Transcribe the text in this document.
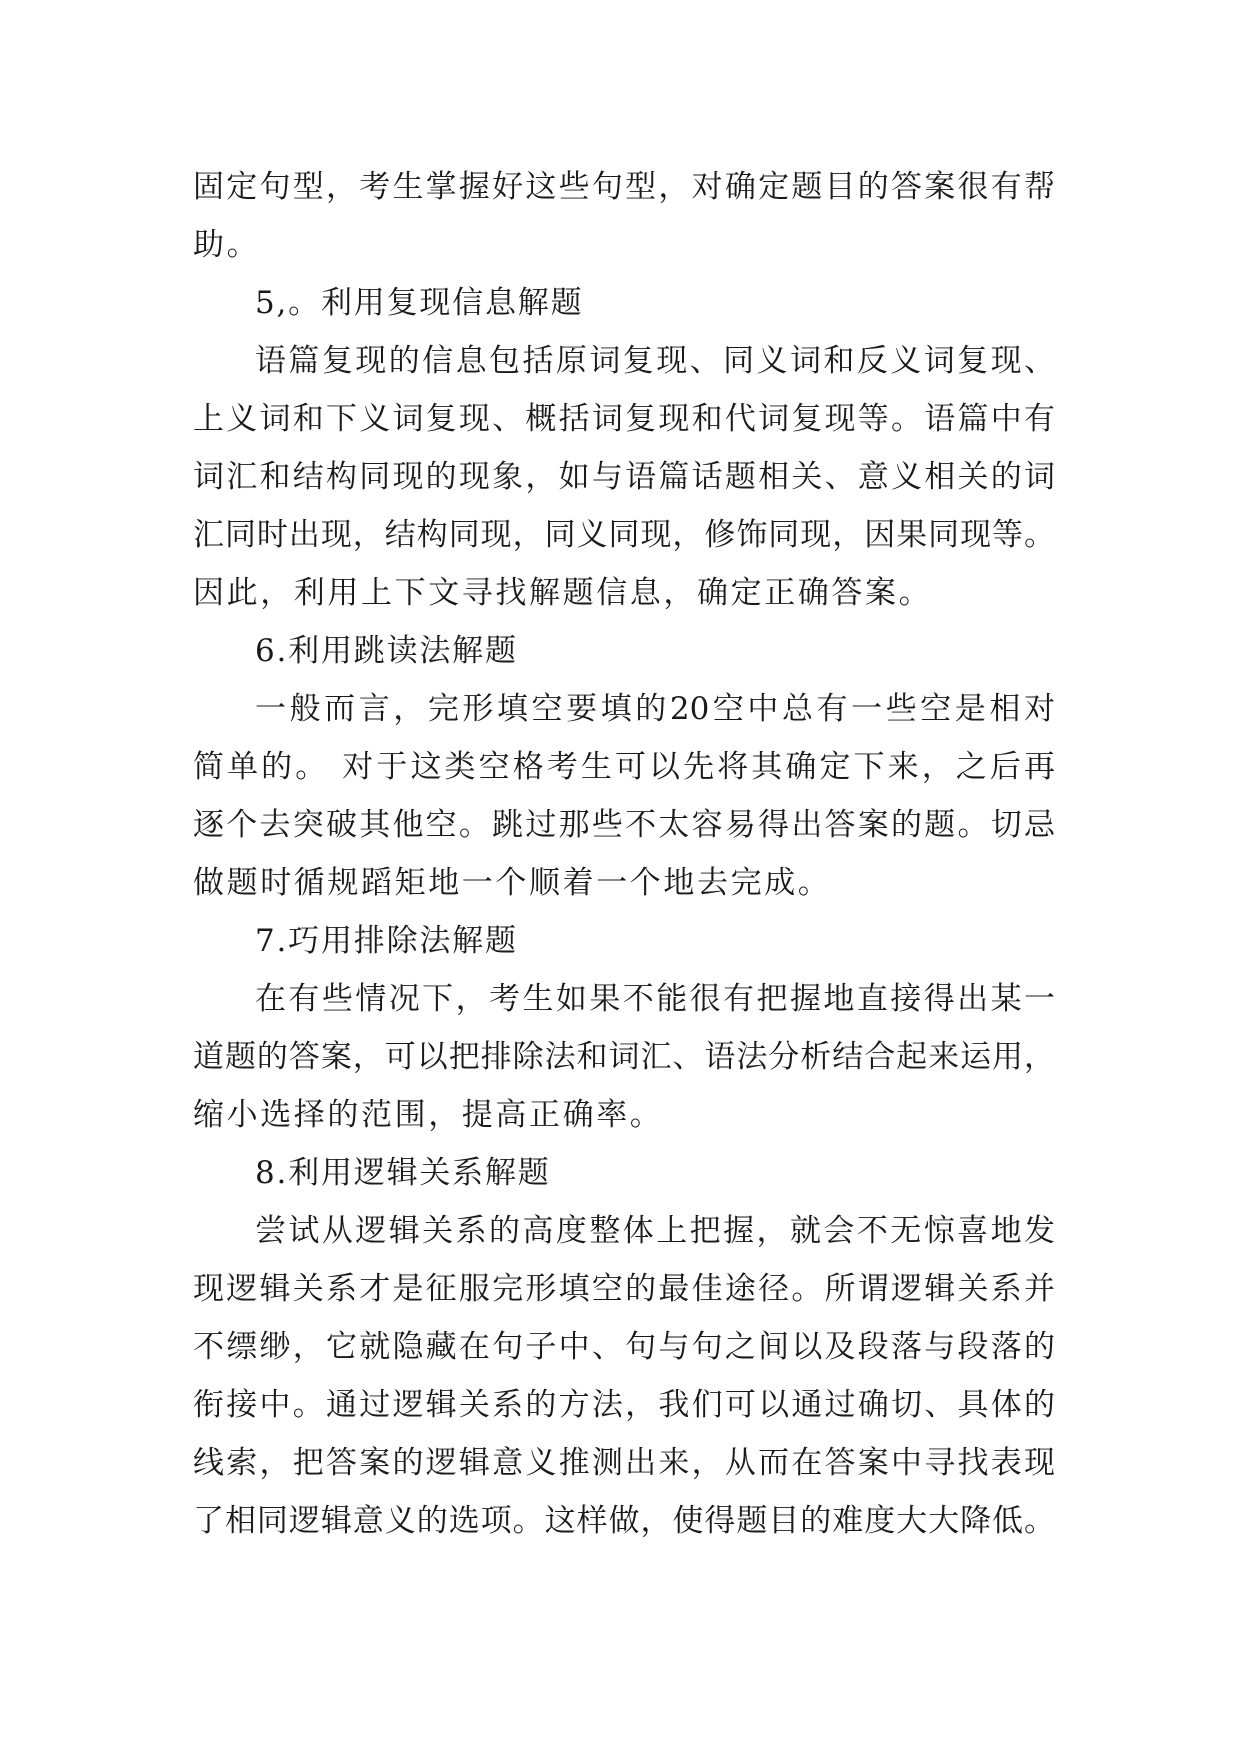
固定句型，考生掌握好这些句型，对确定题目的答案很有帮
助。
5,。利用复现信息解题
语篇复现的信息包括原词复现、同义词和反义词复现、
上义词和下义词复现、概括词复现和代词复现等。语篇中有
词汇和结构同现的现象，如与语篇话题相关、意义相关的词
汇同时出现，结构同现，同义同现，修饰同现，因果同现等。
因此，利用上下文寻找解题信息，确定正确答案。
6.利用跳读法解题
一般而言，完形填空要填的20空中总有一些空是相对
简单的。 对于这类空格考生可以先将其确定下来，之后再
逐个去突破其他空。跳过那些不太容易得出答案的题。切忌
做题时循规蹈矩地一个顺着一个地去完成。
7.巧用排除法解题
在有些情况下，考生如果不能很有把握地直接得出某一
道题的答案，可以把排除法和词汇、语法分析结合起来运用，
缩小选择的范围，提高正确率。
8.利用逻辑关系解题
尝试从逻辑关系的高度整体上把握，就会不无惊喜地发
现逻辑关系才是征服完形填空的最佳途径。所谓逻辑关系并
不缥缈，它就隐藏在句子中、句与句之间以及段落与段落的
衔接中。通过逻辑关系的方法，我们可以通过确切、具体的
线索，把答案的逻辑意义推测出来，从而在答案中寻找表现
了相同逻辑意义的选项。这样做，使得题目的难度大大降低。
